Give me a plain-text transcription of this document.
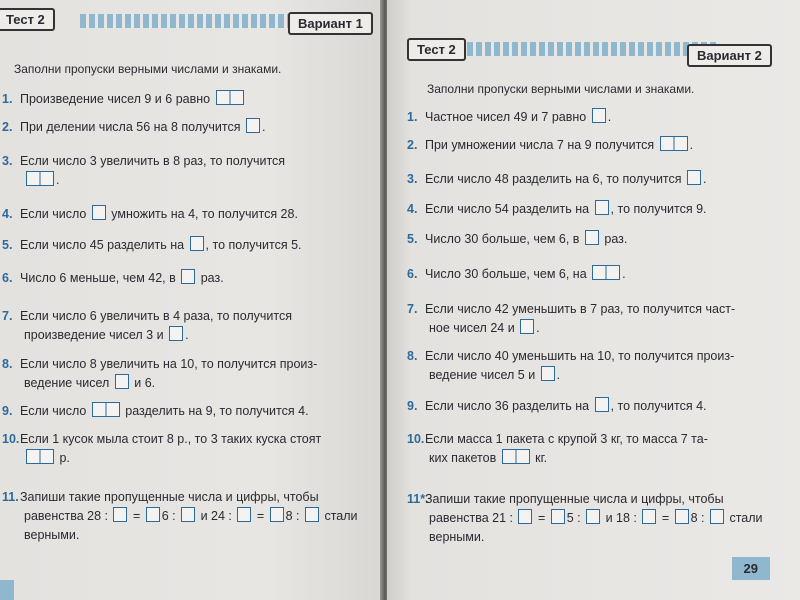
Тест 2	Вариант 1
Заполни пропуски верными числами и знаками.
1. Произведение чисел 9 и 6 равно
2. При делении числа 56 на 8 получится .
3. Если число 3 увеличить в 8 раз, то получится
.
4. Если число  умножить на 4, то получится 28.
5. Если число 45 разделить на , то получится 5.
6. Число 6 меньше, чем 42, в  раз.
7. Если число 6 увеличить в 4 раза, то получится
произведение чисел 3 и .
8. Если число 8 увеличить на 10, то получится произ-
ведение чисел  и 6.
9. Если число	разделить на 9, то получится 4.
10.Если 1 кусок мыла стоит 8 р., то 3 таких куска стоят
р.
11.Запиши такие пропущенные числа и цифры, чтобы
равенства 28 :  = 6 :  и 24 :  = 8 :  стали
верными.
Тест 2	Вариант 2
Заполни пропуски верными числами и знаками.
1. Частное чисел 49 и 7 равно .
2. При умножении числа 7 на 9 получится	.
3. Если число 48 разделить на 6, то получится .
4. Если число 54 разделить на , то получится 9.
5. Число 30 больше, чем 6, в  раз.
6. Число 30 больше, чем 6, на	.
7. Если число 42 уменьшить в 7 раз, то получится част-
ное чисел 24 и .
8. Если число 40 уменьшить на 10, то получится произ-
ведение чисел 5 и .
9. Если число 36 разделить на , то получится 4.
10.Если масса 1 пакета с крупой 3 кг, то масса 7 та-
ких пакетов	кг.
11*.Запиши такие пропущенные числа и цифры, чтобы
равенства 21 :  = 5 :  и 18 :  = 8 :  стали
верными.
29
